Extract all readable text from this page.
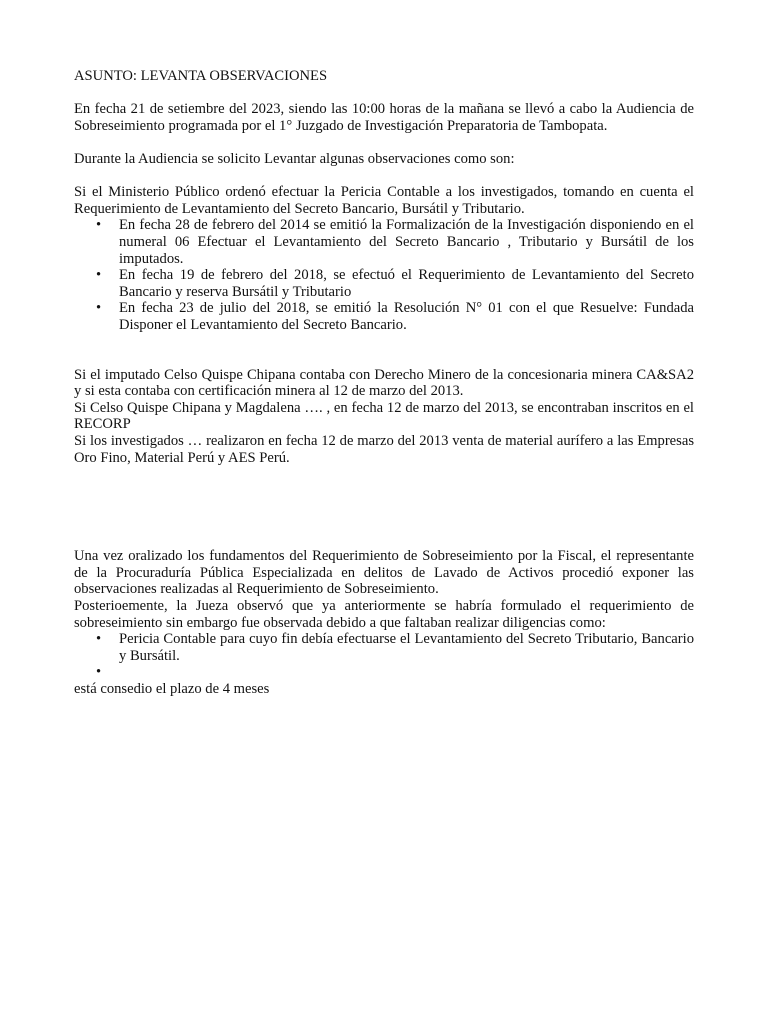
ASUNTO: LEVANTA OBSERVACIONES

En fecha 21 de setiembre del 2023, siendo las 10:00 horas de la mañana se llevó a cabo la Audiencia de Sobreseimiento programada por el 1° Juzgado de Investigación Preparatoria de Tambopata.

Durante la Audiencia se solicito Levantar algunas observaciones como son:

Si el Ministerio Público ordenó efectuar la Pericia Contable a los investigados, tomando en cuenta el Requerimiento de Levantamiento del Secreto Bancario, Bursátil y Tributario.

• En fecha 28 de febrero del 2014 se emitió la Formalización de la Investigación disponiendo en el numeral 06 Efectuar el Levantamiento del Secreto Bancario , Tributario y Bursátil de los imputados.
• En fecha 19 de febrero del 2018, se efectuó el Requerimiento de Levantamiento del Secreto Bancario y reserva Bursátil y Tributario
• En fecha 23 de julio del 2018, se emitió la Resolución N° 01 con el que Resuelve: Fundada Disponer el Levantamiento del Secreto Bancario.

Si el imputado Celso Quispe Chipana contaba con Derecho Minero de la concesionaria minera CA&SA2 y si esta contaba con certificación minera al 12 de marzo del 2013.

Si Celso Quispe Chipana y Magdalena …. , en fecha 12 de marzo del 2013, se encontraban inscritos en el RECORP

Si los investigados … realizaron en fecha 12 de marzo del 2013 venta de material aurífero a las Empresas Oro Fino, Material Perú y AES Perú.

Una vez oralizado los fundamentos del Requerimiento de Sobreseimiento por la Fiscal, el representante de la Procuraduría Pública Especializada en delitos de Lavado de Activos procedió exponer las observaciones realizadas al Requerimiento de Sobreseimiento.

Posterioemente, la Jueza observó que ya anteriormente se habría formulado el requerimiento de sobreseimiento sin embargo fue observada debido a que faltaban realizar diligencias como:

• Pericia Contable para cuyo fin debía efectuarse el Levantamiento del Secreto Tributario, Bancario y Bursátil.
•

está consedio el plazo de 4 meses
